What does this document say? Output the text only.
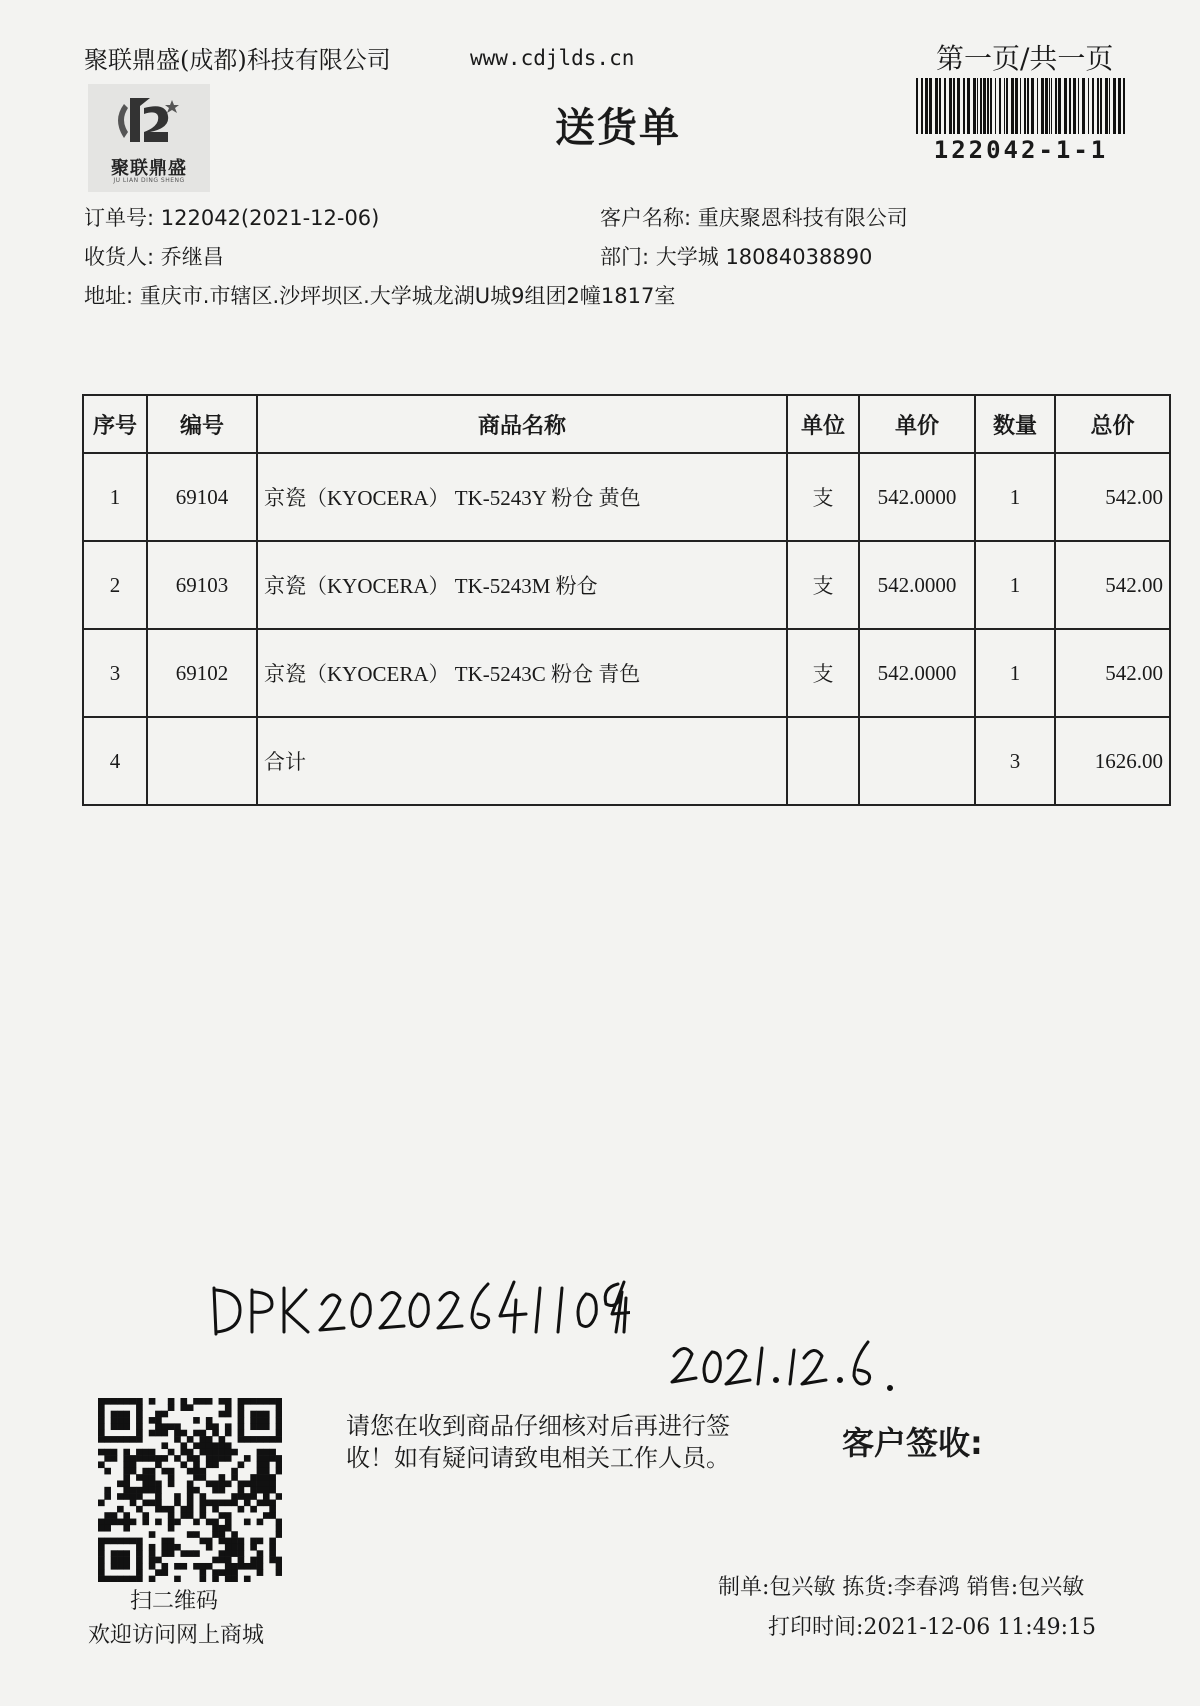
聚联鼎盛(成都)科技有限公司	www.cdjlds.cn	第一页/共一页
送货单
聚联鼎盛
JU LIAN DING SHENG
122042-1-1
订单号: 122042(2021-12-06)	客户名称: 重庆聚恩科技有限公司
收货人: 乔继昌	部门: 大学城 18084038890
地址: 重庆市.市辖区.沙坪坝区.大学城龙湖U城9组团2幢1817室
序号	编号	商品名称	单位	单价	数量	总价
1	69104	京瓷（KYOCERA） TK-5243Y 粉仓 黄色	支	542.0000	1	542.00
2	69103	京瓷（KYOCERA） TK-5243M 粉仓	支	542.0000	1	542.00
3	69102	京瓷（KYOCERA） TK-5243C 粉仓 青色	支	542.0000	1	542.00
4		合计			3	1626.00
扫二维码
欢迎访问网上商城
请您在收到商品仔细核对后再进行签收！如有疑问请致电相关工作人员。	客户签收:
制单:包兴敏 拣货:李春鸿 销售:包兴敏
打印时间:2021-12-06 11:49:15
